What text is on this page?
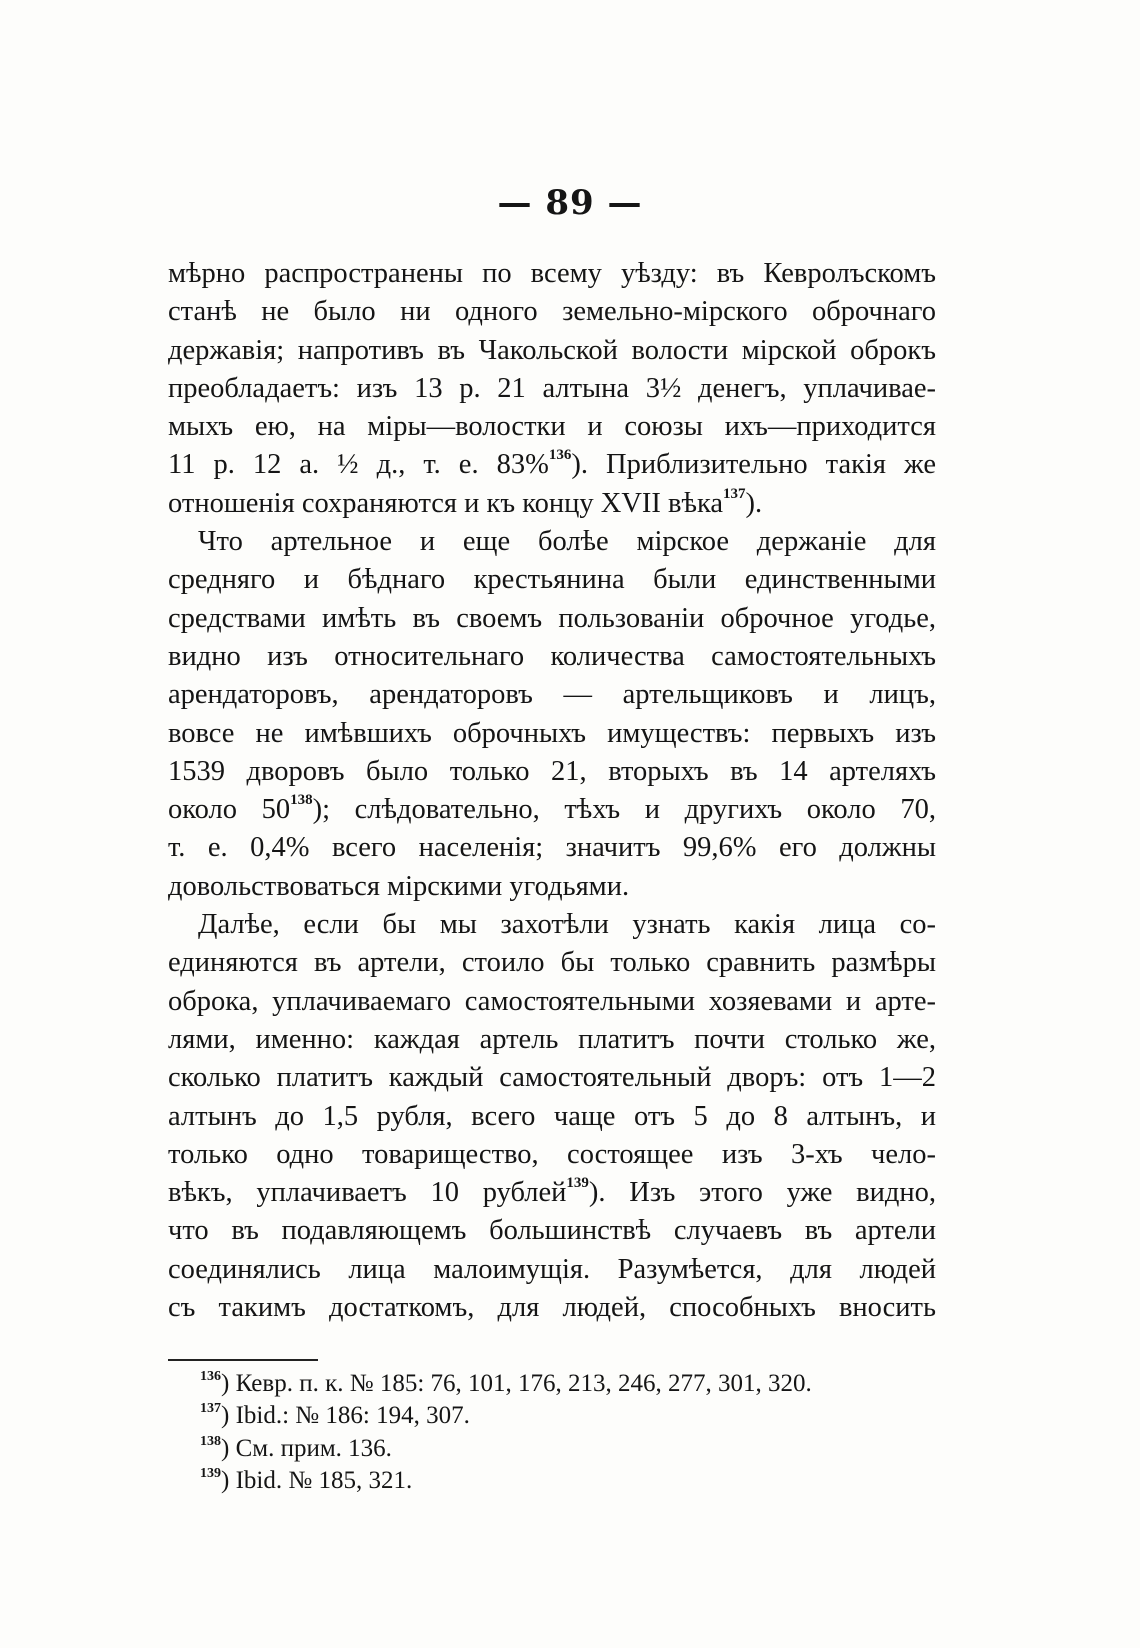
— 89 —
мѣрно распространены по всему уѣзду: въ Кевролъскомъ
станѣ не было ни одного земельно-мірского оброчнаго
державія; напротивъ въ Чакольской волости мірской оброкъ
преобладаетъ: изъ 13 р. 21 алтына 3½ денегъ, уплачивае-
мыхъ ею, на міры—волостки и союзы ихъ—приходится
11 р. 12 а. ½ д., т. е. 83%$^{136}$). Приблизительно такія же
отношенія сохраняются и къ концу XVII вѣка$^{137}$).
Что артельное и еще болѣе мірское держаніе для
средняго и бѣднаго крестьянина были единственными
средствами имѣть въ своемъ пользованіи оброчное угодье,
видно изъ относительнаго количества самостоятельныхъ
арендаторовъ, арендаторовъ — артельщиковъ и лицъ,
вовсе не имѣвшихъ оброчныхъ имуществъ: первыхъ изъ
1539 дворовъ было только 21, вторыхъ въ 14 артеляхъ
около $50^{138}$); слѣдовательно, тѣхъ и другихъ около 70,
т. е. 0,4% всего населенія; значитъ 99,6% его должны
довольствоваться мірскими угодьями.
Далѣе, если бы мы захотѣли узнать какія лица со-
единяются въ артели, стоило бы только сравнить размѣры
оброка, уплачиваемаго самостоятельными хозяевами и арте-
лями, именно: каждая артель платитъ почти столько же,
сколько платитъ каждый самостоятельный дворъ: отъ 1—2
алтынъ до 1,5 рубля, всего чаще отъ 5 до 8 алтынъ, и
только одно товарищество, состоящее изъ 3-хъ чело-
вѣкъ, уплачиваетъ 10 рублей$^{139}$). Изъ этого уже видно,
что въ подавляющемъ большинствѣ случаевъ въ артели
соединялись лица малоимущія. Разумѣется, для людей
съ такимъ достаткомъ, для людей, способныхъ вносить
$^{136}$) Кевр. п. к. № 185: 76, 101, 176, 213, 246, 277, 301, 320.
$^{137}$) Ibid.: № 186: 194, 307.
$^{138}$) См. прим. 136.
$^{139}$) Ibid. № 185, 321.
